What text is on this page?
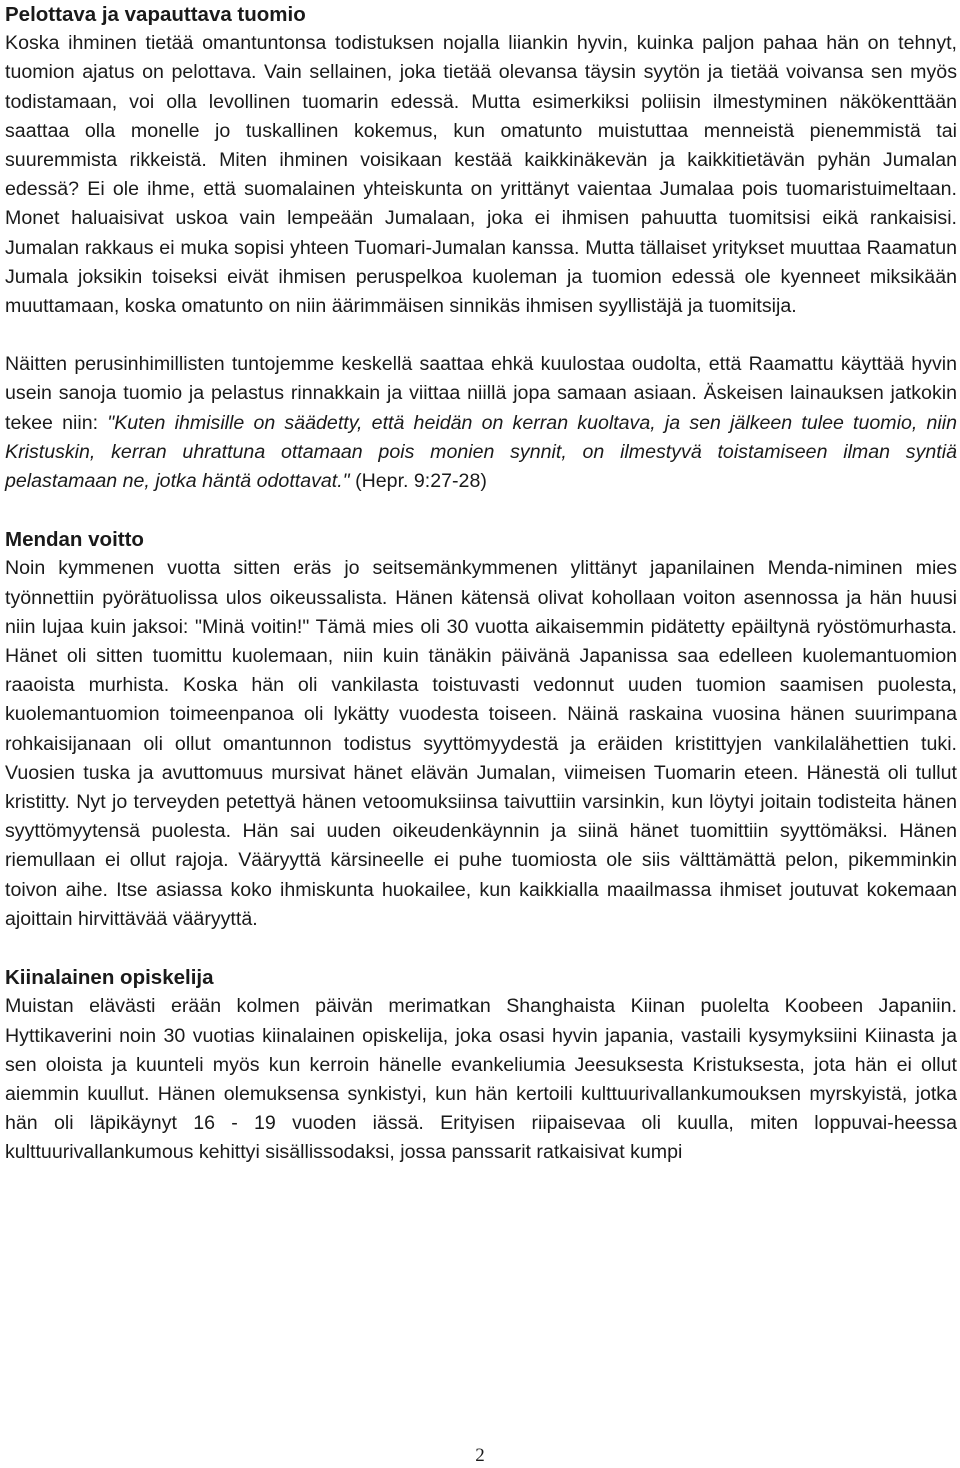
Pelottava ja vapauttava tuomio

Koska ihminen tietää omantuntonsa todistuksen nojalla liiankin hyvin, kuinka paljon pahaa hän on tehnyt, tuomion ajatus on pelottava. Vain sellainen, joka tietää olevansa täysin syytön ja tietää voivansa sen myös todistamaan, voi olla levollinen tuomarin edessä. Mutta esimerkiksi poliisin ilmestyminen näkökenttään saattaa olla monelle jo tuskallinen kokemus, kun omatunto muistuttaa menneistä pienemmistä tai suuremmista rikkeistä. Miten ihminen voisikaan kestää kaikkinäkevän ja kaikkitietävän pyhän Jumalan edessä? Ei ole ihme, että suomalainen yhteiskunta on yrittänyt vaientaa Jumalaa pois tuomaristuimeltaan. Monet haluaisivat uskoa vain lempeään Jumalaan, joka ei ihmisen pahuutta tuomitsisi eikä rankaisisi. Jumalan rakkaus ei muka sopisi yhteen Tuomari-Jumalan kanssa. Mutta tällaiset yritykset muuttaa Raamatun Jumala joksikin toiseksi eivät ihmisen peruspelkoa kuoleman ja tuomion edessä ole kyenneet miksikään muuttamaan, koska omatunto on niin äärimmäisen sinnikäs ihmisen syyllistäjä ja tuomitsija.

Näitten perusinhimillisten tuntojemme keskellä saattaa ehkä kuulostaa oudolta, että Raamattu käyttää hyvin usein sanoja tuomio ja pelastus rinnakkain ja viittaa niillä jopa samaan asiaan. Äskeisen lainauksen jatkokin tekee niin: "Kuten ihmisille on säädetty, että heidän on kerran kuoltava, ja sen jälkeen tulee tuomio, niin Kristuskin, kerran uhrattuna ottamaan pois monien synnit, on ilmestyvä toistamiseen ilman syntiä pelastamaan ne, jotka häntä odottavat." (Hepr. 9:27-28)

Mendan voitto

Noin kymmenen vuotta sitten eräs jo seitsemänkymmenen ylittänyt japanilainen Menda-niminen mies työnnettiin pyörätuolissa ulos oikeussalista. Hänen kätensä olivat kohollaan voiton asennossa ja hän huusi niin lujaa kuin jaksoi: "Minä voitin!" Tämä mies oli 30 vuotta aikaisemmin pidätetty epäiltynä ryöstömurhasta. Hänet oli sitten tuomittu kuolemaan, niin kuin tänäkin päivänä Japanissa saa edelleen kuolemantuomion raaoista murhista. Koska hän oli vankilasta toistuvasti vedonnut uuden tuomion saamisen puolesta, kuolemantuomion toimeenpanoa oli lykätty vuodesta toiseen. Näinä raskaina vuosina hänen suurimpana rohkaisijanaan oli ollut omantunnon todistus syyttömyydestä ja eräiden kristittyjen vankilalähettien tuki. Vuosien tuska ja avuttomuus mursivat hänet elävän Jumalan, viimeisen Tuomarin eteen. Hänestä oli tullut kristitty. Nyt jo terveyden petettyä hänen vetoomuksiinsa taivuttiin varsinkin, kun löytyi joitain todisteita hänen syyttömyytensä puolesta. Hän sai uuden oikeudenkäynnin ja siinä hänet tuomittiin syyttömäksi. Hänen riemullaan ei ollut rajoja. Vääryyttä kärsineelle ei puhe tuomiosta ole siis välttämättä pelon, pikemminkin toivon aihe. Itse asiassa koko ihmiskunta huokailee, kun kaikkialla maailmassa ihmiset joutuvat kokemaan ajoittain hirvittävää vääryyttä.

Kiinalainen opiskelija

Muistan elävästi erään kolmen päivän merimatkan Shanghaista Kiinan puolelta Koobeen Japaniin. Hyttikaverini noin 30 vuotias kiinalainen opiskelija, joka osasi hyvin japania, vastaili kysymyksiini Kiinasta ja sen oloista ja kuunteli myös kun kerroin hänelle evankeliumia Jeesuksesta Kristuksesta, jota hän ei ollut aiemmin kuullut. Hänen olemuksensa synkistyi, kun hän kertoili kulttuurivallankumouksen myrskyistä, jotka hän oli läpikäynyt 16 - 19 vuoden iässä. Erityisen riipaisevaa oli kuulla, miten loppuvai-heessa kulttuurivallankumous kehittyi sisällissodaksi, jossa panssarit ratkaisivat kumpi

2
